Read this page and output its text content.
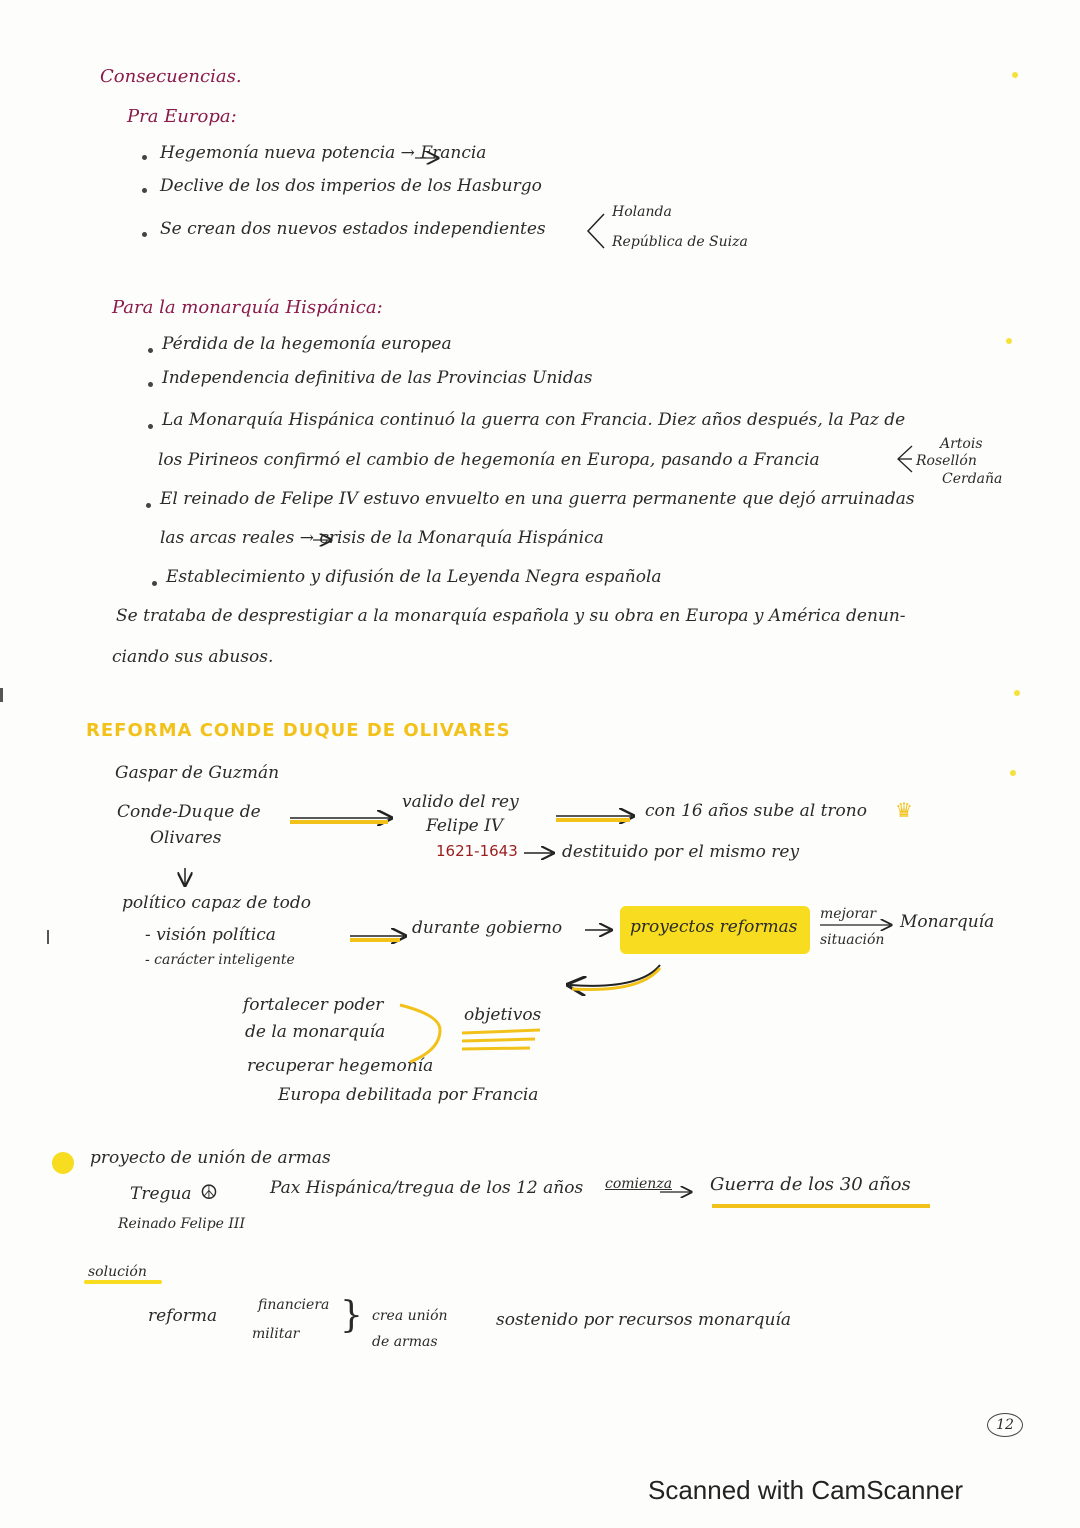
Consecuencias.
Pra Europa:
Hegemonía nueva potencia → Francia
Declive de los dos imperios de los Hasburgo
Se crean dos nuevos estados independientes
Holanda
República de Suiza
Para la monarquía Hispánica:
Pérdida de la hegemonía europea
Independencia definitiva de las Provincias Unidas
La Monarquía Hispánica continuó la guerra con Francia. Diez años después, la Paz de
los Pirineos confirmó el cambio de hegemonía en Europa, pasando a Francia
Artois
Rosellón
Cerdaña
El reinado de Felipe IV estuvo envuelto en una guerra permanente que dejó arruinadas
las arcas reales → crisis de la Monarquía Hispánica
Establecimiento y difusión de la Leyenda Negra española
Se trataba de desprestigiar a la monarquía española y su obra en Europa y América denun-
ciando sus abusos.
REFORMA CONDE DUQUE DE OLIVARES
Gaspar de Guzmán
Conde-Duque de
Olivares
valido del rey
Felipe IV
con 16 años sube al trono ♛
1621-1643	destituido por el mismo rey
político capaz de todo
- visión política
- carácter inteligente
durante gobierno	proyectos reformas
mejorar
situación
Monarquía
fortalecer poder
de la monarquía
recuperar hegemonía
Europa debilitada por Francia
objetivos
proyecto de unión de armas
Tregua ☮
Reinado Felipe III
Pax Hispánica/tregua de los 12 años comienza Guerra de los 30 años
solución
reforma
financiera
militar } crea unión
de armas
sostenido por recursos monarquía
12
Scanned with CamScanner
